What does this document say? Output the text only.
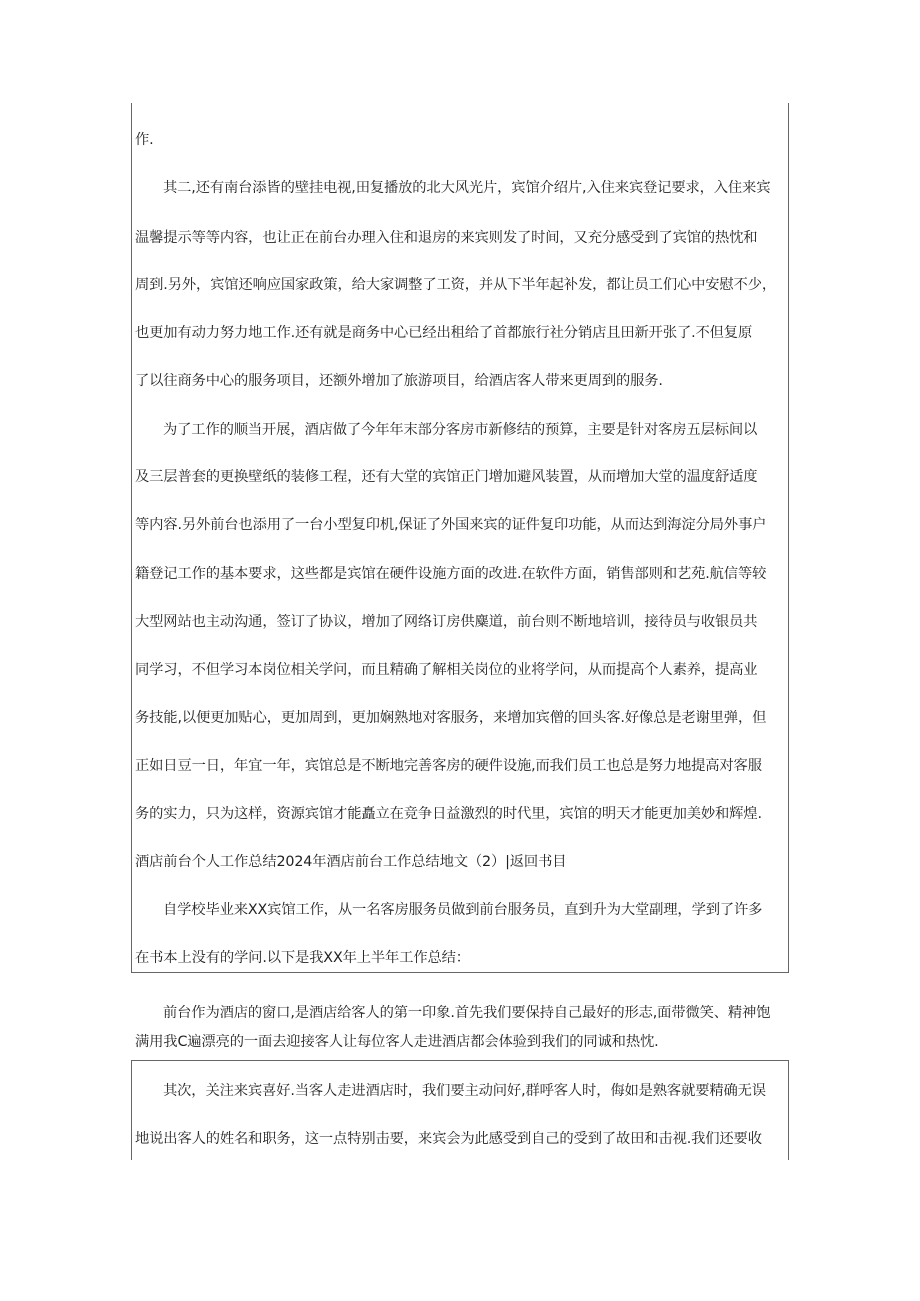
作.
其二,还有南台添皆的壁挂电视,田复播放的北大风光片，宾馆介绍片,入住来宾登记要求，入住来宾
温馨提示等等内容，也让正在前台办理入住和退房的来宾则发了时间，又充分感受到了宾馆的热忱和
周到.另外，宾馆还响应国家政策，给大家调整了工资，并从下半年起补发，都让员工们心中安慰不少，
也更加有动力努力地工作.还有就是商务中心已经出租给了首都旅行社分销店且田新开张了.不但复原
了以往商务中心的服务项目，还额外增加了旅游项目，给酒店客人带来更周到的服务.
为了工作的顺当开展，酒店做了今年年末部分客房市新修结的预算，主要是针对客房五层标间以
及三层普套的更换壁纸的装修工程，还有大堂的宾馆正门增加避风装置，从而增加大堂的温度舒适度
等内容.另外前台也添用了一台小型复印机,保证了外国来宾的证件复印功能，从而达到海淀分局外事户
籍登记工作的基本要求，这些都是宾馆在硬件设施方面的改进.在软件方面，销售部则和艺苑.航信等较
大型网站也主动沟通，签订了协议，增加了网络订房供麋道，前台则不断地培训，接待员与收银员共
同学习，不但学习本岗位相关学问，而且精确了解相关岗位的业将学问，从而提高个人素养，提高业
务技能,以便更加贴心，更加周到，更加娴熟地对客服务，来增加宾僧的回头客.好像总是老谢里弹，但
正如日豆一日，年宜一年，宾馆总是不断地完善客房的硬件设施,而我们员工也总是努力地提高对客服
务的实力，只为这样，资源宾馆才能矗立在竞争日益激烈的时代里，宾馆的明天才能更加美妙和辉煌.
酒店前台个人工作总结2024年酒店前台工作总结地文（2）|返回书目
自学校毕业来XX宾馆工作，从一名客房服务员做到前台服务员，直到升为大堂副理，学到了许多
在书本上没有的学问.以下是我XX年上半年工作总结：
前台作为酒店的窗口,是酒店给客人的第一印象.首先我们要保持自己最好的形志,面带微笑、精神饱
满用我C遍漂亮的一面去迎接客人让每位客人走进酒店都会体验到我们的同诚和热忱.
其次，关注来宾喜好.当客人走进酒店时，我们要主动问好,群呼客人时，侮如是熟客就要精确无误
地说出客人的姓名和职务，这一点特别击要，来宾会为此感受到自己的受到了故田和击视.我们还要收
